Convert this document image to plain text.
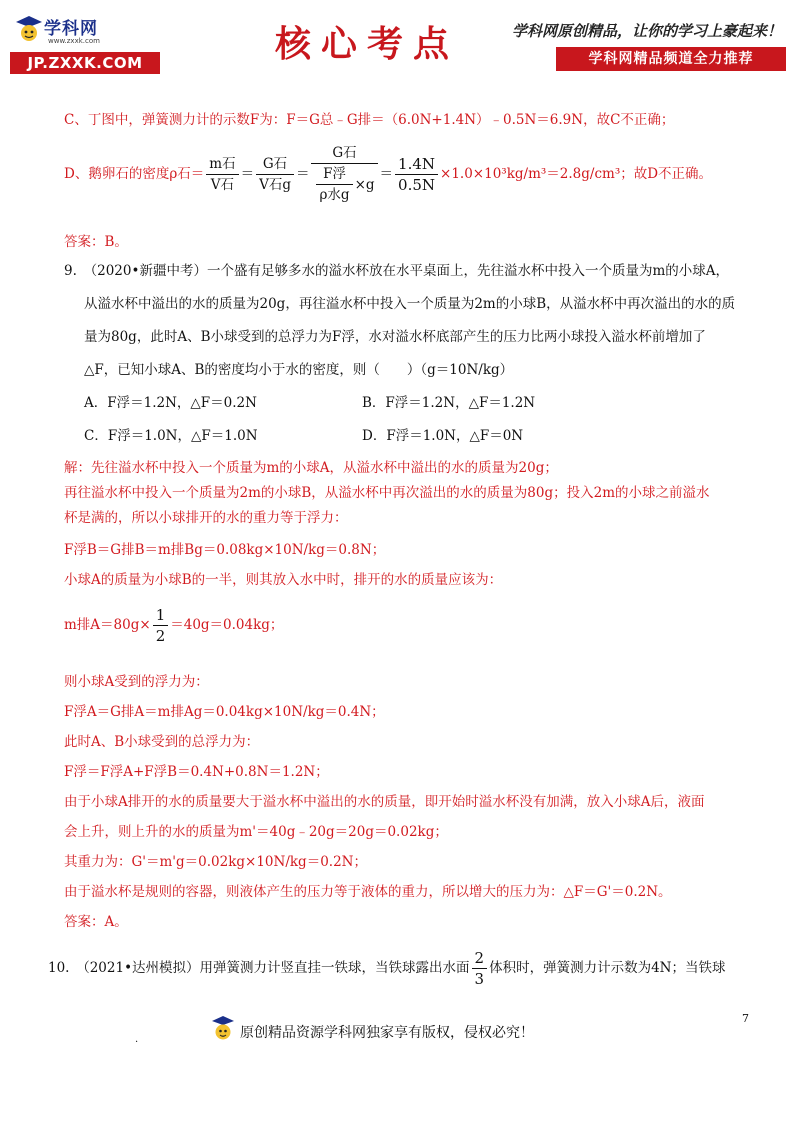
学科网
www.zxxk.com
JP.ZXXK.COM	核心考点	学科网原创精品，让你的学习上豪起来！
学科网精品频道全力推荐
C、丁图中，弹簧测力计的示数F为：F＝G总﹣G排＝（6.0N+1.4N）﹣0.5N＝6.9N，故C不正确；
D、鹅卵石的密度ρ石＝ $\frac{\text{m石}}{\text{V石}} = \frac{\text{G石}}{\text{V石g}} = \frac{\text{G石}}{\frac{\text{F浮}}{\text{ρ水g}} \times g} = \frac{1.4N}{0.5N} \times 1.0\times 10^3kg/m^3=2.8g/cm^3$；故D不正确。
答案：B。
9.　（2020•新疆中考）一个盛有足够多水的溢水杯放在水平桌面上，先往溢水杯中投入一个质量为m的小球A，
从溢水杯中溢出的水的质量为20g，再往溢水杯中投入一个质量为2m的小球B，从溢水杯中再次溢出的水的质
量为80g，此时A、B小球受到的总浮力为F浮，水对溢水杯底部产生的压力比两小球投入溢水杯前增加了
△F，已知小球A、B的密度均小于水的密度，则（　　）（g＝10N/kg）
A．F浮＝1.2N，△F＝0.2N	B．F浮＝1.2N，△F＝1.2N
C．F浮＝1.0N，△F＝1.0N	D．F浮＝1.0N，△F＝0N
解：先往溢水杯中投入一个质量为m的小球A，从溢水杯中溢出的水的质量为20g；
再往溢水杯中投入一个质量为2m的小球B，从溢水杯中再次溢出的水的质量为80g；投入2m的小球之前溢水
杯是满的，所以小球排开的水的重力等于浮力：
F浮B＝G排B＝m排Bg＝0.08kg×10N/kg＝0.8N；
小球A的质量为小球B的一半，则其放入水中时，排开的水的质量应该为：
m排$A=80g\times \frac{1}{2} =40g=0.04kg$；
则小球A受到的浮力为：
F浮A＝G排A＝m排Ag＝0.04kg×10N/kg＝0.4N；
此时A、B小球受到的总浮力为：
F浮＝F浮A+F浮B＝0.4N+0.8N＝1.2N；
由于小球A排开的水的质量要大于溢水杯中溢出的水的质量，即开始时溢水杯没有加满，放入小球A后，液面
会上升，则上升的水的质量为m'＝40g﹣20g＝20g＝0.02kg；
其重力为：G'＝m'g＝0.02kg×10N/kg＝0.2N；
由于溢水杯是规则的容器，则液体产生的压力等于液体的重力，所以增大的压力为：△F＝G'＝0.2N。
答案：A。
10.　（2021•达州模拟）用弹簧测力计竖直挂一铁球，当铁球露出水面 $\frac{2}{3}$ 体积时，弹簧测力计示数为4N；当铁球
.	原创精品资源学科网独家享有版权，侵权必究！
7
